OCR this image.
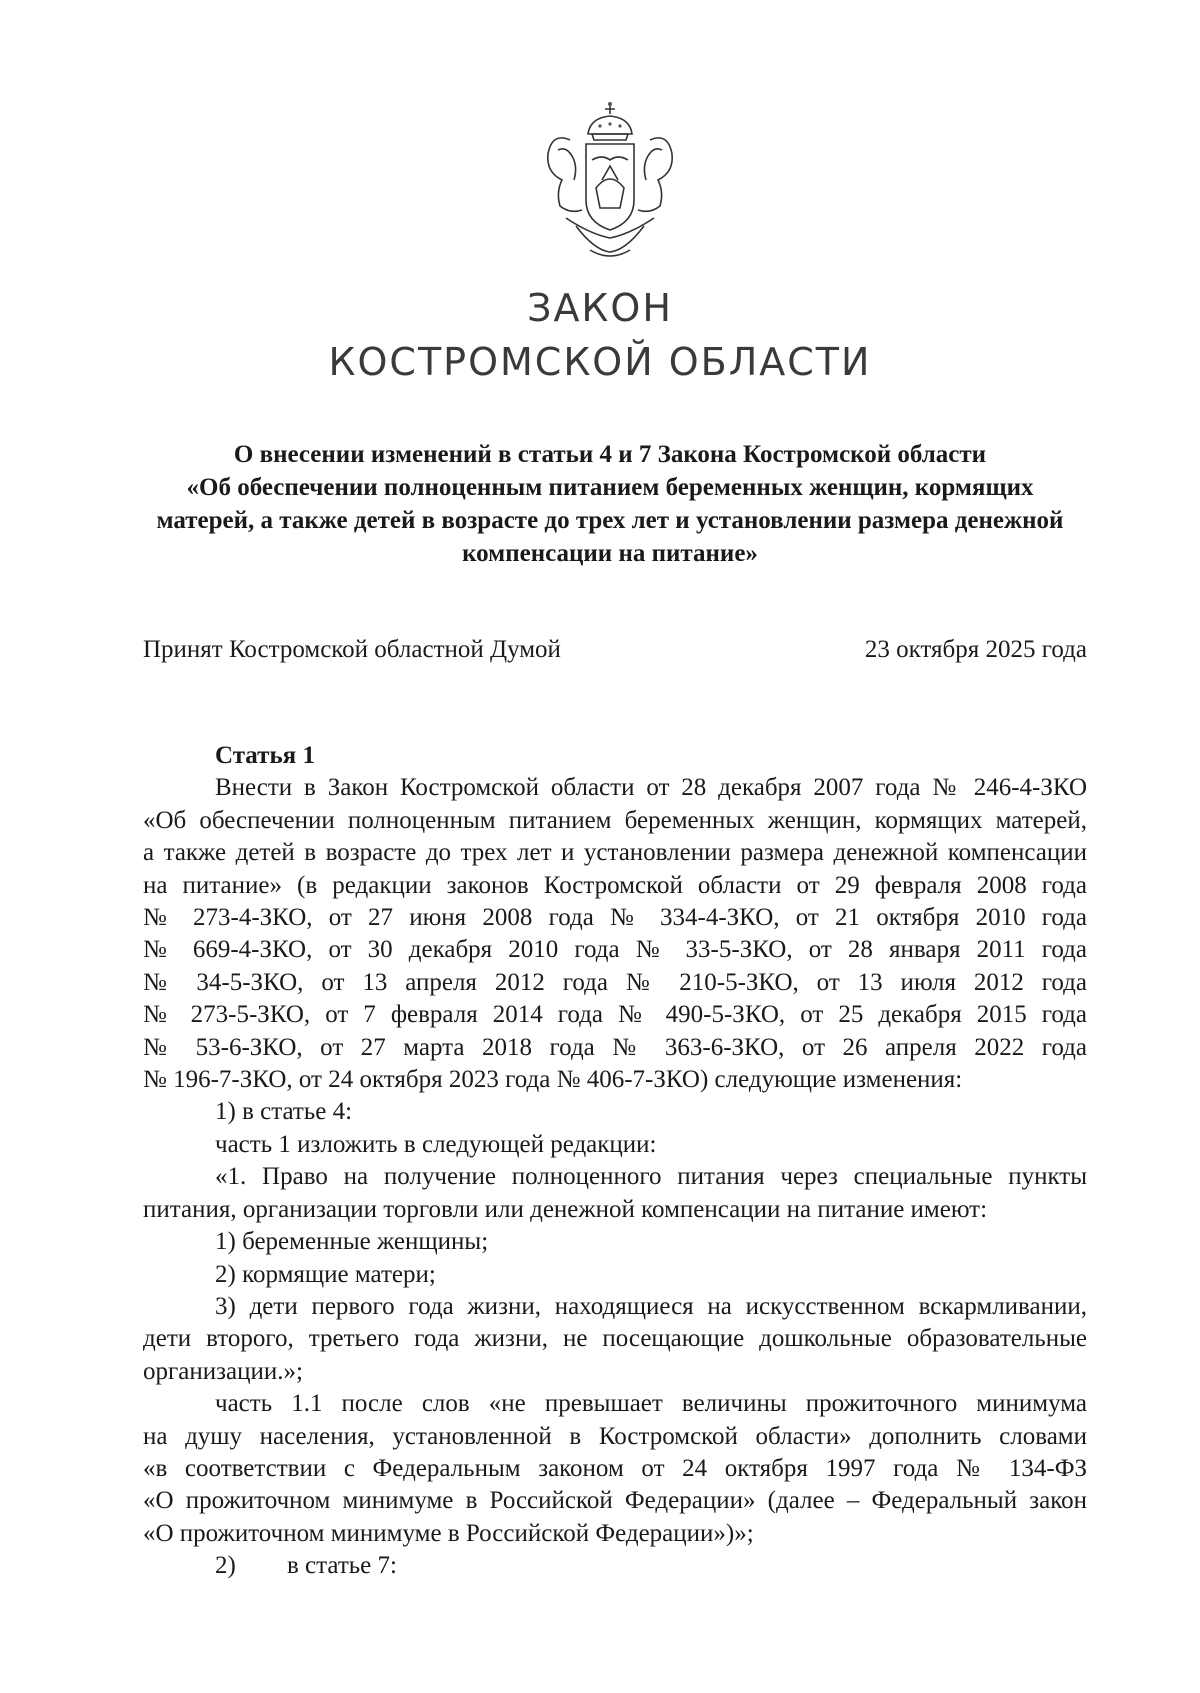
ЗАКОН
КОСТРОМСКОЙ ОБЛАСТИ
О внесении изменений в статьи 4 и 7 Закона Костромской области
«Об обеспечении полноценным питанием беременных женщин, кормящих
матерей, а также детей в возрасте до трех лет и установлении размера денежной
компенсации на питание»
Принят Костромской областной Думой	23 октября 2025 года
Статья 1
Внести в Закон Костромской области от 28 декабря 2007 года № 246-4-ЗКО
«Об обеспечении полноценным питанием беременных женщин, кормящих матерей,
а также детей в возрасте до трех лет и установлении размера денежной компенсации
на питание» (в редакции законов Костромской области от 29 февраля 2008 года
№ 273-4-ЗКО, от 27 июня 2008 года № 334-4-ЗКО, от 21 октября 2010 года
№ 669-4-ЗКО, от 30 декабря 2010 года № 33-5-ЗКО, от 28 января 2011 года
№ 34-5-ЗКО, от 13 апреля 2012 года № 210-5-ЗКО, от 13 июля 2012 года
№ 273-5-ЗКО, от 7 февраля 2014 года № 490-5-ЗКО, от 25 декабря 2015 года
№ 53-6-ЗКО, от 27 марта 2018 года № 363-6-ЗКО, от 26 апреля 2022 года
№ 196-7-ЗКО, от 24 октября 2023 года № 406-7-ЗКО) следующие изменения:
1) в статье 4:
часть 1 изложить в следующей редакции:
«1. Право на получение полноценного питания через специальные пункты
питания, организации торговли или денежной компенсации на питание имеют:
1) беременные женщины;
2) кормящие матери;
3) дети первого года жизни, находящиеся на искусственном вскармливании,
дети второго, третьего года жизни, не посещающие дошкольные образовательные
организации.»;
часть 1.1 после слов «не превышает величины прожиточного минимума
на душу населения, установленной в Костромской области» дополнить словами
«в соответствии с Федеральным законом от 24 октября 1997 года № 134-ФЗ
«О прожиточном минимуме в Российской Федерации» (далее – Федеральный закон
«О прожиточном минимуме в Российской Федерации»)»;
2) в статье 7:
